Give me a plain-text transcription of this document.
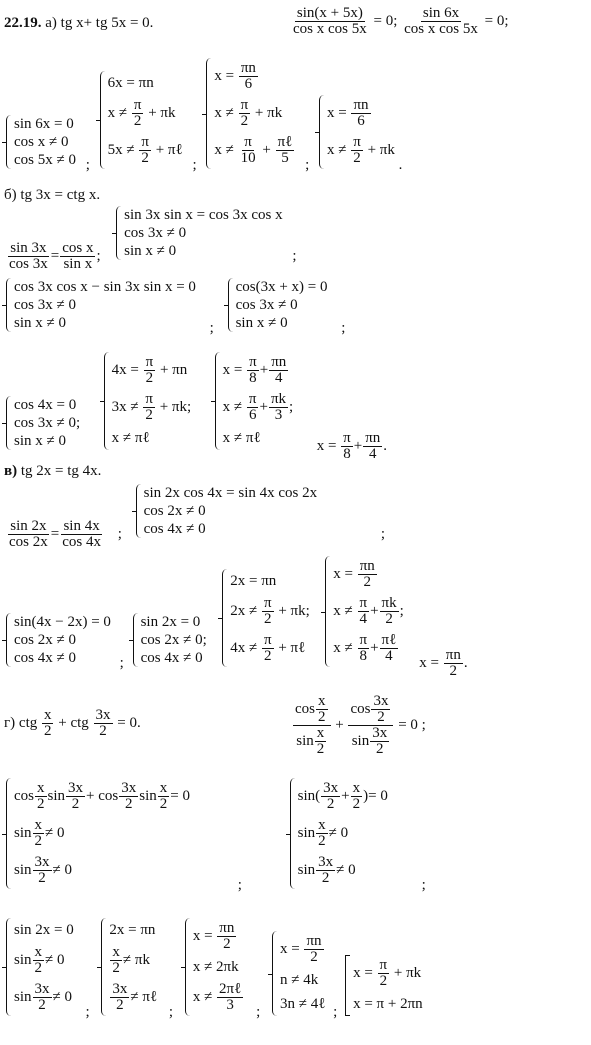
22.19. а) tg x+ tg 5x = 0.	$\frac{\sin(x + 5x)}{\text{cos x cos 5x}} = 0$; $\frac{\sin 6x}{\text{cos x cos 5x}} = 0$;
sin 6x = 0
cos x ≠ 0
cos 5x ≠ 0 ;
6x = πn
$x \ne \frac{\pi}{2} + \pi k$
$5x \ne \frac{\pi}{2}$ + πℓ
;
$x = \frac{\pi n}{6}$
$x \ne \frac{\pi}{2} + \pi k$
$x \ne \frac{\pi}{10} + \frac{\text{πℓ}}{5}$ ;
$x = \frac{\pi n}{6}$
$x \ne \frac{\pi}{2} + \pi k$
.
б) tg 3x = ctg x.
$\frac{\sin 3x}{\cos 3x} = \frac{\text{cos x}}{\text{sin x}}$ ;
sin 3x sin x = cos 3x cos x
cos 3x ≠ 0
sin x ≠ 0	;
cos 3x cos x − sin 3x sin x = 0
cos 3x ≠ 0
sin x ≠ 0	;
cos(3x + x) = 0
cos 3x ≠ 0
sin x ≠ 0	;
cos 4x = 0
cos 3x ≠ 0;
sin x ≠ 0

$4x = \frac{\pi}{2} + \pi n$
$3x \ne \frac{\pi}{2} + \pi k$;
x ≠ πℓ

$x = \frac{\pi}{8} + \frac{\pi n}{4}$
$x \ne \frac{\pi}{6} + \frac{\pi k}{3}$ ;
x ≠ πℓ	$x = \frac{\pi}{8} + \frac{\pi n}{4}$ .
в) tg 2x = tg 4x.
$\frac{\sin 2x}{\cos 2x} = \frac{\sin 4x}{\cos 4x}$ ;
sin 2x cos 4x = sin 4x cos 2x
cos 2x ≠ 0
cos 4x ≠ 0	;
sin(4x − 2x) = 0
cos 2x ≠ 0
cos 4x ≠ 0	;
sin 2x = 0
cos 2x ≠ 0;
cos 4x ≠ 0

2x = πn
$2x \ne \frac{\pi}{2} + \pi k$;
$4x \ne \frac{\pi}{2}$ + πℓ

$x = \frac{\pi n}{2}$
$x \ne \frac{\pi}{4} + \frac{\pi k}{2}$ ;
$x \ne \frac{\pi}{8} + \frac{\text{πℓ}}{4}$ $x = \frac{\pi n}{2}$ .
г) ctg $\frac{x}{2}$ + ctg $\frac{3x}{2} = 0$.	$\frac{\cos \frac{x}{2}}{\sin \frac{x}{2}} + \frac{\cos \frac{3x}{2}}{\sin \frac{3x}{2}} = 0$ ;
$\cos \frac{x}{2}$ $\sin \frac{3x}{2} + \cos \frac{3x}{2}$ $\sin \frac{x}{2} = 0$
$\sin \frac{x}{2} \ne 0$
$\sin \frac{3x}{2} \ne 0$
;
$\sin( \frac{3x}{2} + \frac{x}{2}$ )= 0
$\sin \frac{x}{2} \ne 0$
$\sin \frac{3x}{2} \ne 0$
;
sin 2x = 0
$\sin \frac{x}{2} \ne 0$
$\sin \frac{3x}{2} \ne 0$
;
2x = πn
$\frac{x}{2} \ne \pi k$
$\frac{3x}{2}$ ≠ πℓ
;
$x = \frac{\pi n}{2}$
x ≠ 2πk
$x \ne \frac{\text{2πℓ}}{3}$ ;
$x = \frac{\pi n}{2}$
n ≠ 4k
3n ≠ 4ℓ ;
$x = \frac{\pi}{2} + \pi k$
x = π + 2πn
